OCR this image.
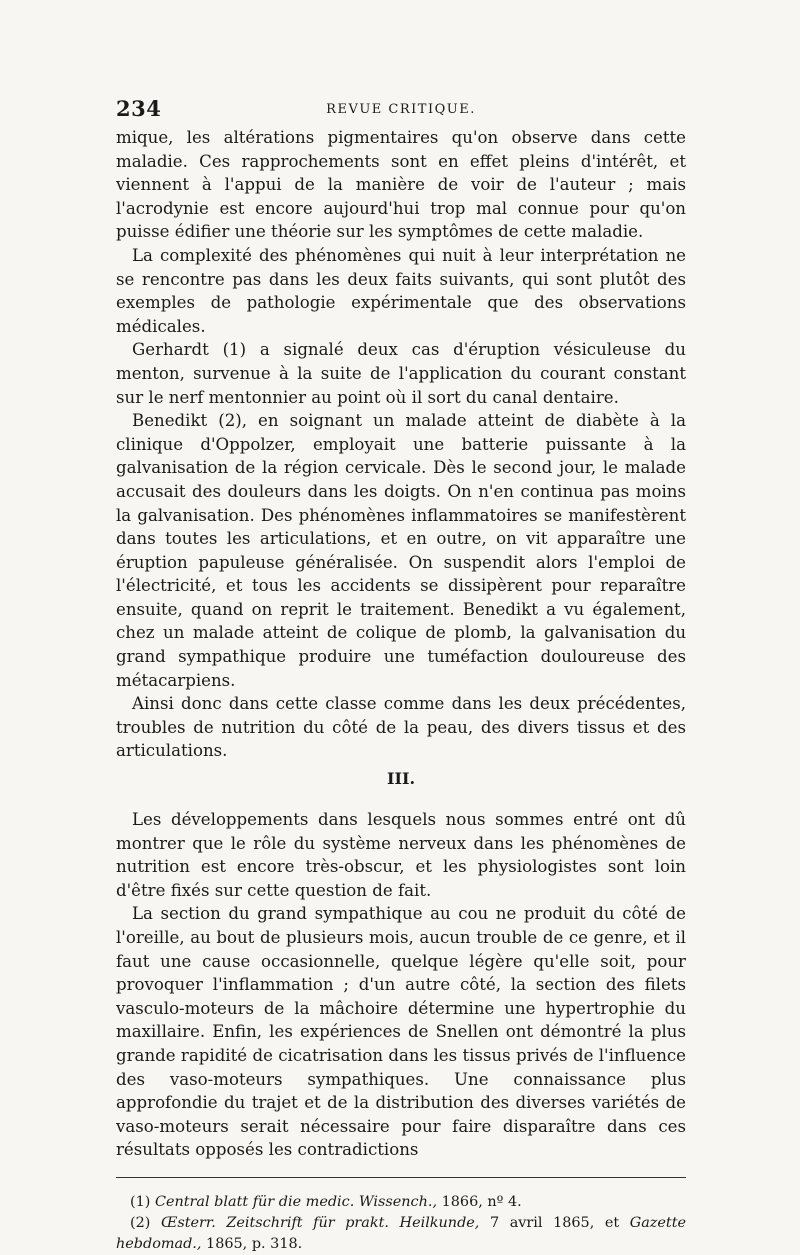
234	REVUE CRITIQUE.

mique, les altérations pigmentaires qu'on observe dans cette maladie. Ces rapprochements sont en effet pleins d'intérêt, et viennent à l'appui de la manière de voir de l'auteur ; mais l'acrodynie est encore aujourd'hui trop mal connue pour qu'on puisse édifier une théorie sur les symptômes de cette maladie.

La complexité des phénomènes qui nuit à leur interprétation ne se rencontre pas dans les deux faits suivants, qui sont plutôt des exemples de pathologie expérimentale que des observations médicales.

Gerhardt (1) a signalé deux cas d'éruption vésiculeuse du menton, survenue à la suite de l'application du courant constant sur le nerf mentonnier au point où il sort du canal dentaire.

Benedikt (2), en soignant un malade atteint de diabète à la clinique d'Oppolzer, employait une batterie puissante à la galvanisation de la région cervicale. Dès le second jour, le malade accusait des douleurs dans les doigts. On n'en continua pas moins la galvanisation. Des phénomènes inflammatoires se manifestèrent dans toutes les articulations, et en outre, on vit apparaître une éruption papuleuse généralisée. On suspendit alors l'emploi de l'électricité, et tous les accidents se dissipèrent pour reparaître ensuite, quand on reprit le traitement. Benedikt a vu également, chez un malade atteint de colique de plomb, la galvanisation du grand sympathique produire une tuméfaction douloureuse des métacarpiens.

Ainsi donc dans cette classe comme dans les deux précédentes, troubles de nutrition du côté de la peau, des divers tissus et des articulations.

III.

Les développements dans lesquels nous sommes entré ont dû montrer que le rôle du système nerveux dans les phénomènes de nutrition est encore très-obscur, et les physiologistes sont loin d'être fixés sur cette question de fait.

La section du grand sympathique au cou ne produit du côté de l'oreille, au bout de plusieurs mois, aucun trouble de ce genre, et il faut une cause occasionnelle, quelque légère qu'elle soit, pour provoquer l'inflammation ; d'un autre côté, la section des filets vasculo-moteurs de la mâchoire détermine une hypertrophie du maxillaire. Enfin, les expériences de Snellen ont démontré la plus grande rapidité de cicatrisation dans les tissus privés de l'influence des vaso-moteurs sympathiques. Une connaissance plus approfondie du trajet et de la distribution des diverses variétés de vaso-moteurs serait nécessaire pour faire disparaître dans ces résultats opposés les contradictions

(1) Central blatt für die medic. Wissench., 1866, nº 4.

(2) Œsterr. Zeitschrift für prakt. Heilkunde, 7 avril 1865, et Gazette hebdomad., 1865, p. 318.
